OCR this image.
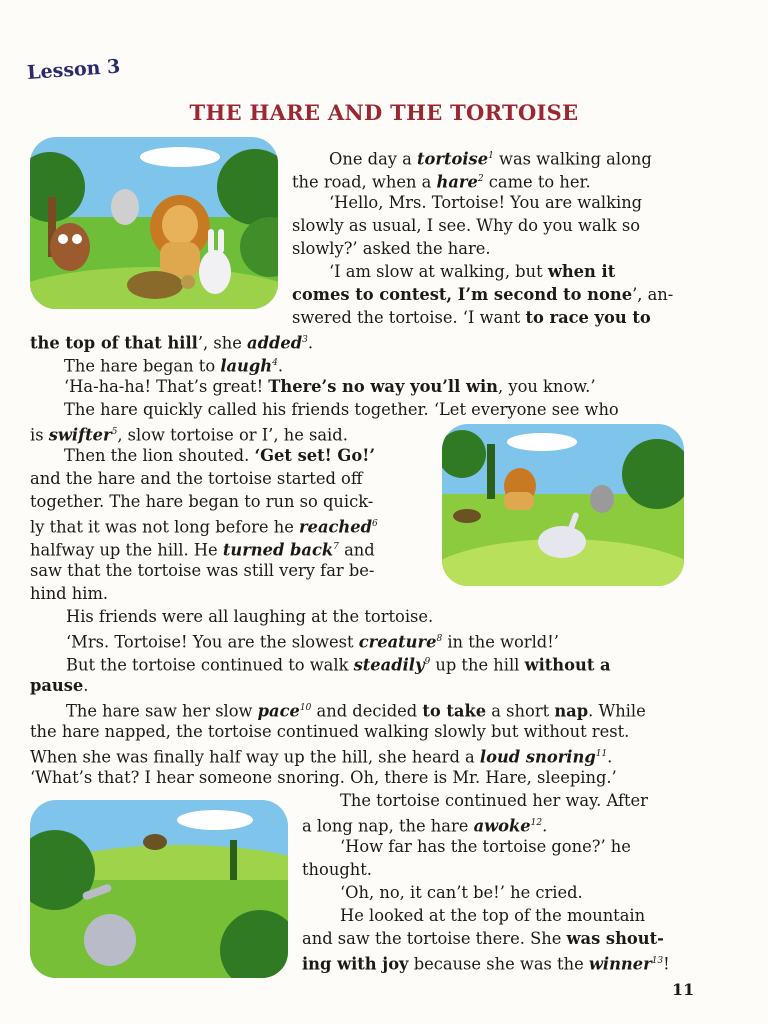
Lesson 3
THE HARE AND THE TORTOISE
One day a tortoise$^1$ was walking along
the road, when a hare$^2$ came to her.
‘Hello, Mrs. Tortoise! You are walking
slowly as usual, I see. Why do you walk so
slowly?’ asked the hare.
‘I am slow at walking, but when it
comes to contest, I’m second to none’, an-
swered the tortoise. ‘I want to race you to
the top of that hill’, she added$^3$.
The hare began to laugh$^4$.
‘Ha-ha-ha! That’s great! There’s no way you’ll win, you know.’
The hare quickly called his friends together. ‘Let everyone see who
is swifter$^5$, slow tortoise or I’, he said.
Then the lion shouted. ‘Get set! Go!’
and the hare and the tortoise started off
together. The hare began to run so quick-
ly that it was not long before he reached$^6$
halfway up the hill. He turned back$^7$ and
saw that the tortoise was still very far be-
hind him.
His friends were all laughing at the tortoise.
‘Mrs. Tortoise! You are the slowest creature$^8$ in the world!’
But the tortoise continued to walk steadily$^9$ up the hill without a
pause.
The hare saw her slow pace$^{10}$ and decided to take a short nap. While
the hare napped, the tortoise continued walking slowly but without rest.
When she was finally half way up the hill, she heard a loud snoring$^{11}$.
‘What’s that? I hear someone snoring. Oh, there is Mr. Hare, sleeping.’
The tortoise continued her way. After
a long nap, the hare awoke$^{12}$.
‘How far has the tortoise gone?’ he
thought.
‘Oh, no, it can’t be!’ he cried.
He looked at the top of the mountain
and saw the tortoise there. She was shout-
ing with joy because she was the winner$^{13}$!
11
